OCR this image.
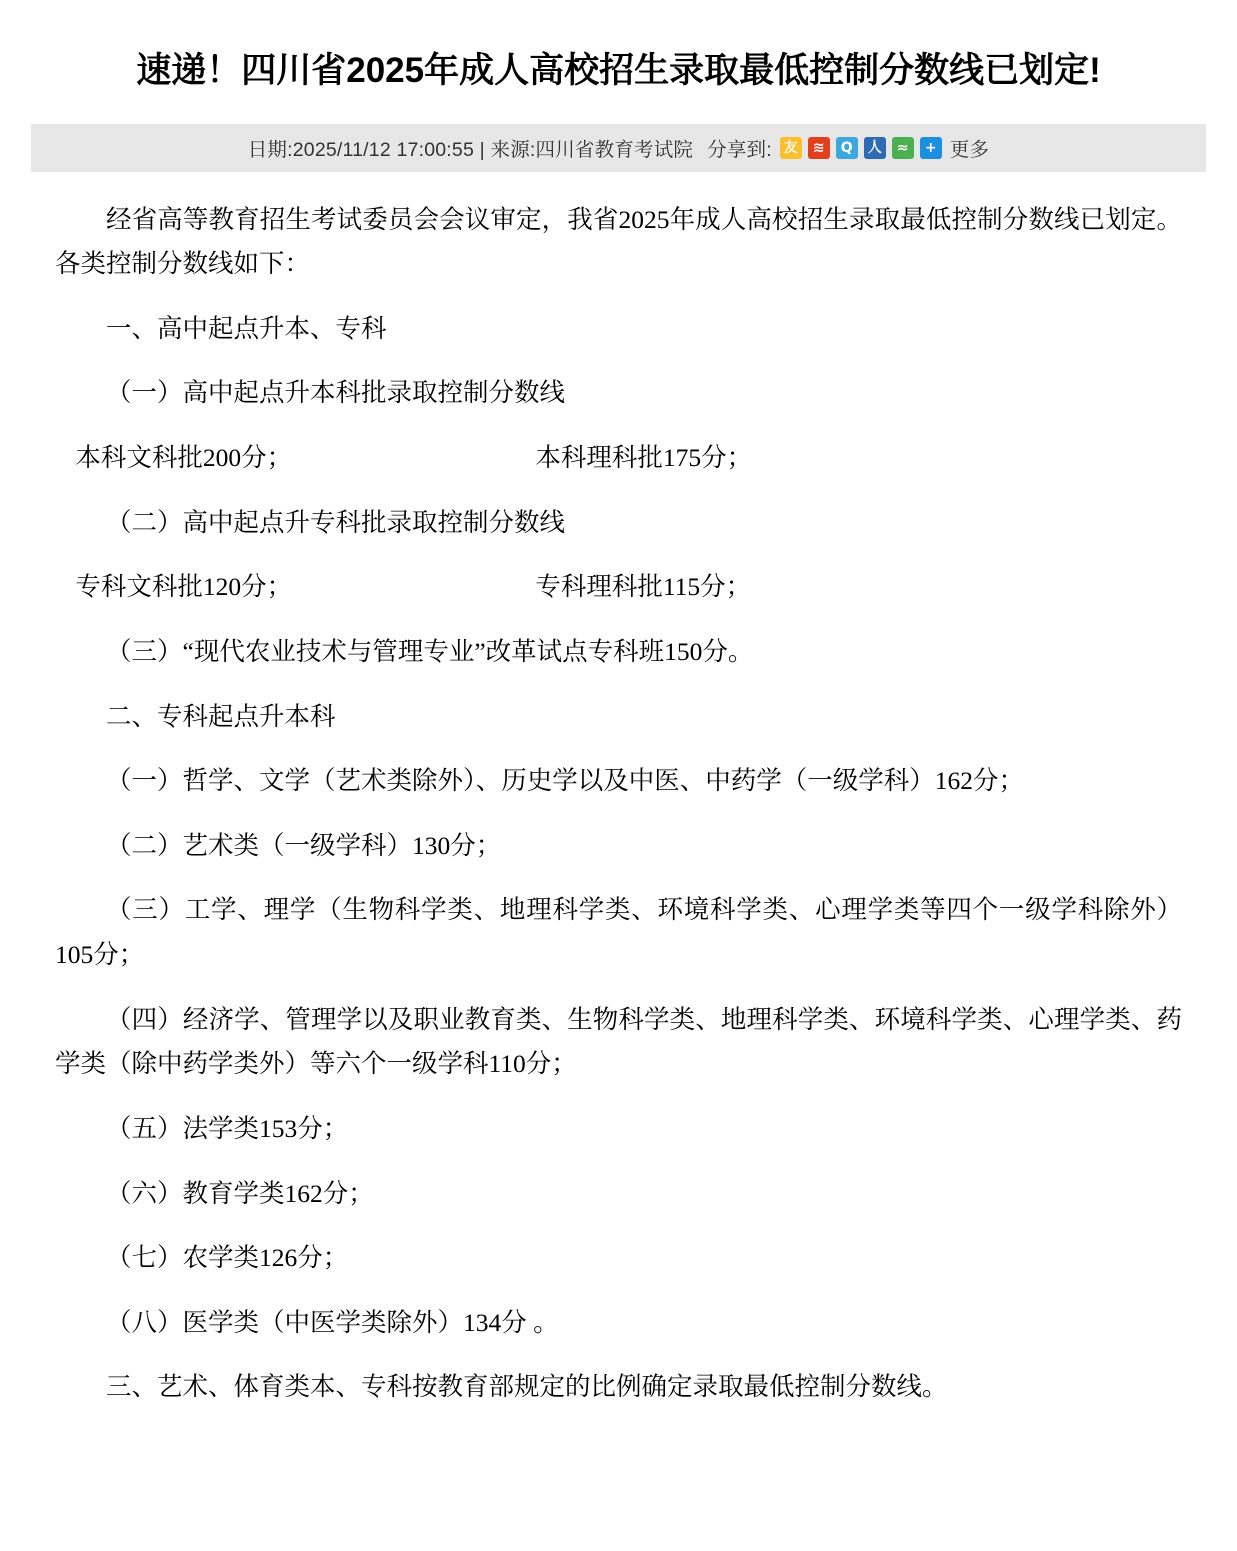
速递！四川省2025年成人高校招生录取最低控制分数线已划定!
日期:2025/11/12 17:00:55 | 来源:四川省教育考试院 分享到: 友	≋	Q	人	≈	+ 更多

经省高等教育招生考试委员会会议审定，我省2025年成人高校招生录取最低控制分数线已划定。各类控制分数线如下：

一、高中起点升本、专科

（一）高中起点升本科批录取控制分数线

本科文科批200分；	本科理科批175分；

（二）高中起点升专科批录取控制分数线

专科文科批120分；	专科理科批115分；

（三）“现代农业技术与管理专业”改革试点专科班150分。

二、专科起点升本科

（一）哲学、文学（艺术类除外）、历史学以及中医、中药学（一级学科）162分；

（二）艺术类（一级学科）130分；

（三）工学、理学（生物科学类、地理科学类、环境科学类、心理学类等四个一级学科除外）105分；

（四）经济学、管理学以及职业教育类、生物科学类、地理科学类、环境科学类、心理学类、药学类（除中药学类外）等六个一级学科110分；

（五）法学类153分；

（六）教育学类162分；

（七）农学类126分；

（八）医学类（中医学类除外）134分 。

三、艺术、体育类本、专科按教育部规定的比例确定录取最低控制分数线。
